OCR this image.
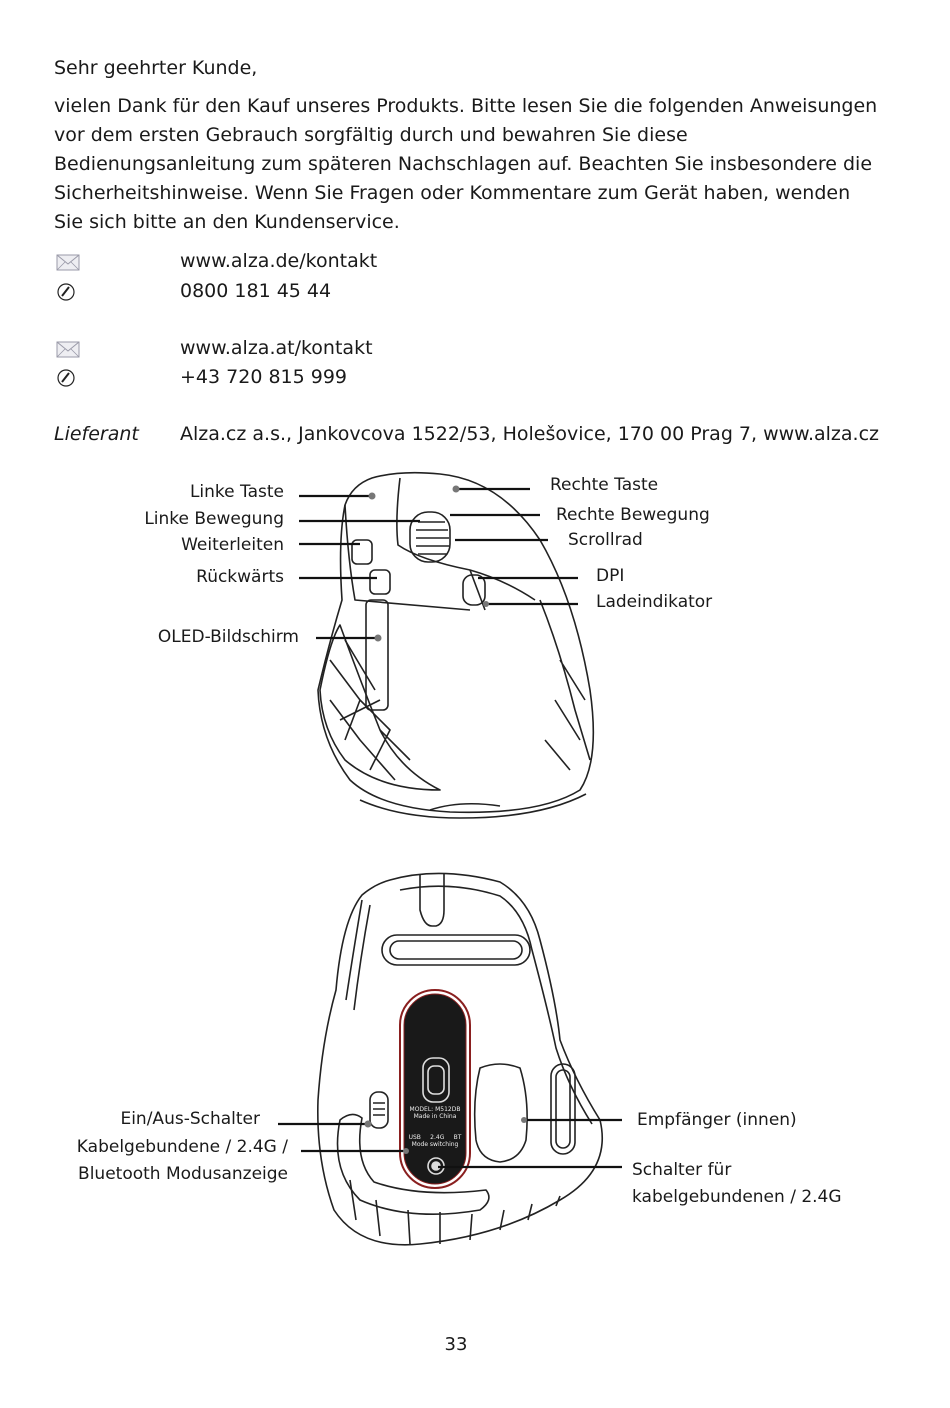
Sehr geehrter Kunde,
vielen Dank für den Kauf unseres Produkts. Bitte lesen Sie die folgenden Anweisungen vor dem ersten Gebrauch sorgfältig durch und bewahren Sie diese Bedienungsanleitung zum späteren Nachschlagen auf. Beachten Sie insbesondere die Sicherheitshinweise. Wenn Sie Fragen oder Kommentare zum Gerät haben, wenden Sie sich bitte an den Kundenservice.
www.alza.de/kontakt
0800 181 45 44
www.alza.at/kontakt
+43 720 815 999
Lieferant Alza.cz a.s., Jankovcova 1522/53, Holešovice, 170 00 Prag 7, www.alza.cz
MODEL: M512DB
Made in China
USB 2.4G BT
Mode switching
Linke Taste
Linke Bewegung
Weiterleiten
Rückwärts
OLED-Bildschirm
Rechte Taste
Rechte Bewegung
Scrollrad
DPI
Ladeindikator
Ein/Aus-Schalter
Kabelgebundene / 2.4G /
Bluetooth Modusanzeige
Empfänger (innen)
Schalter für
kabelgebundenen / 2.4G
33
